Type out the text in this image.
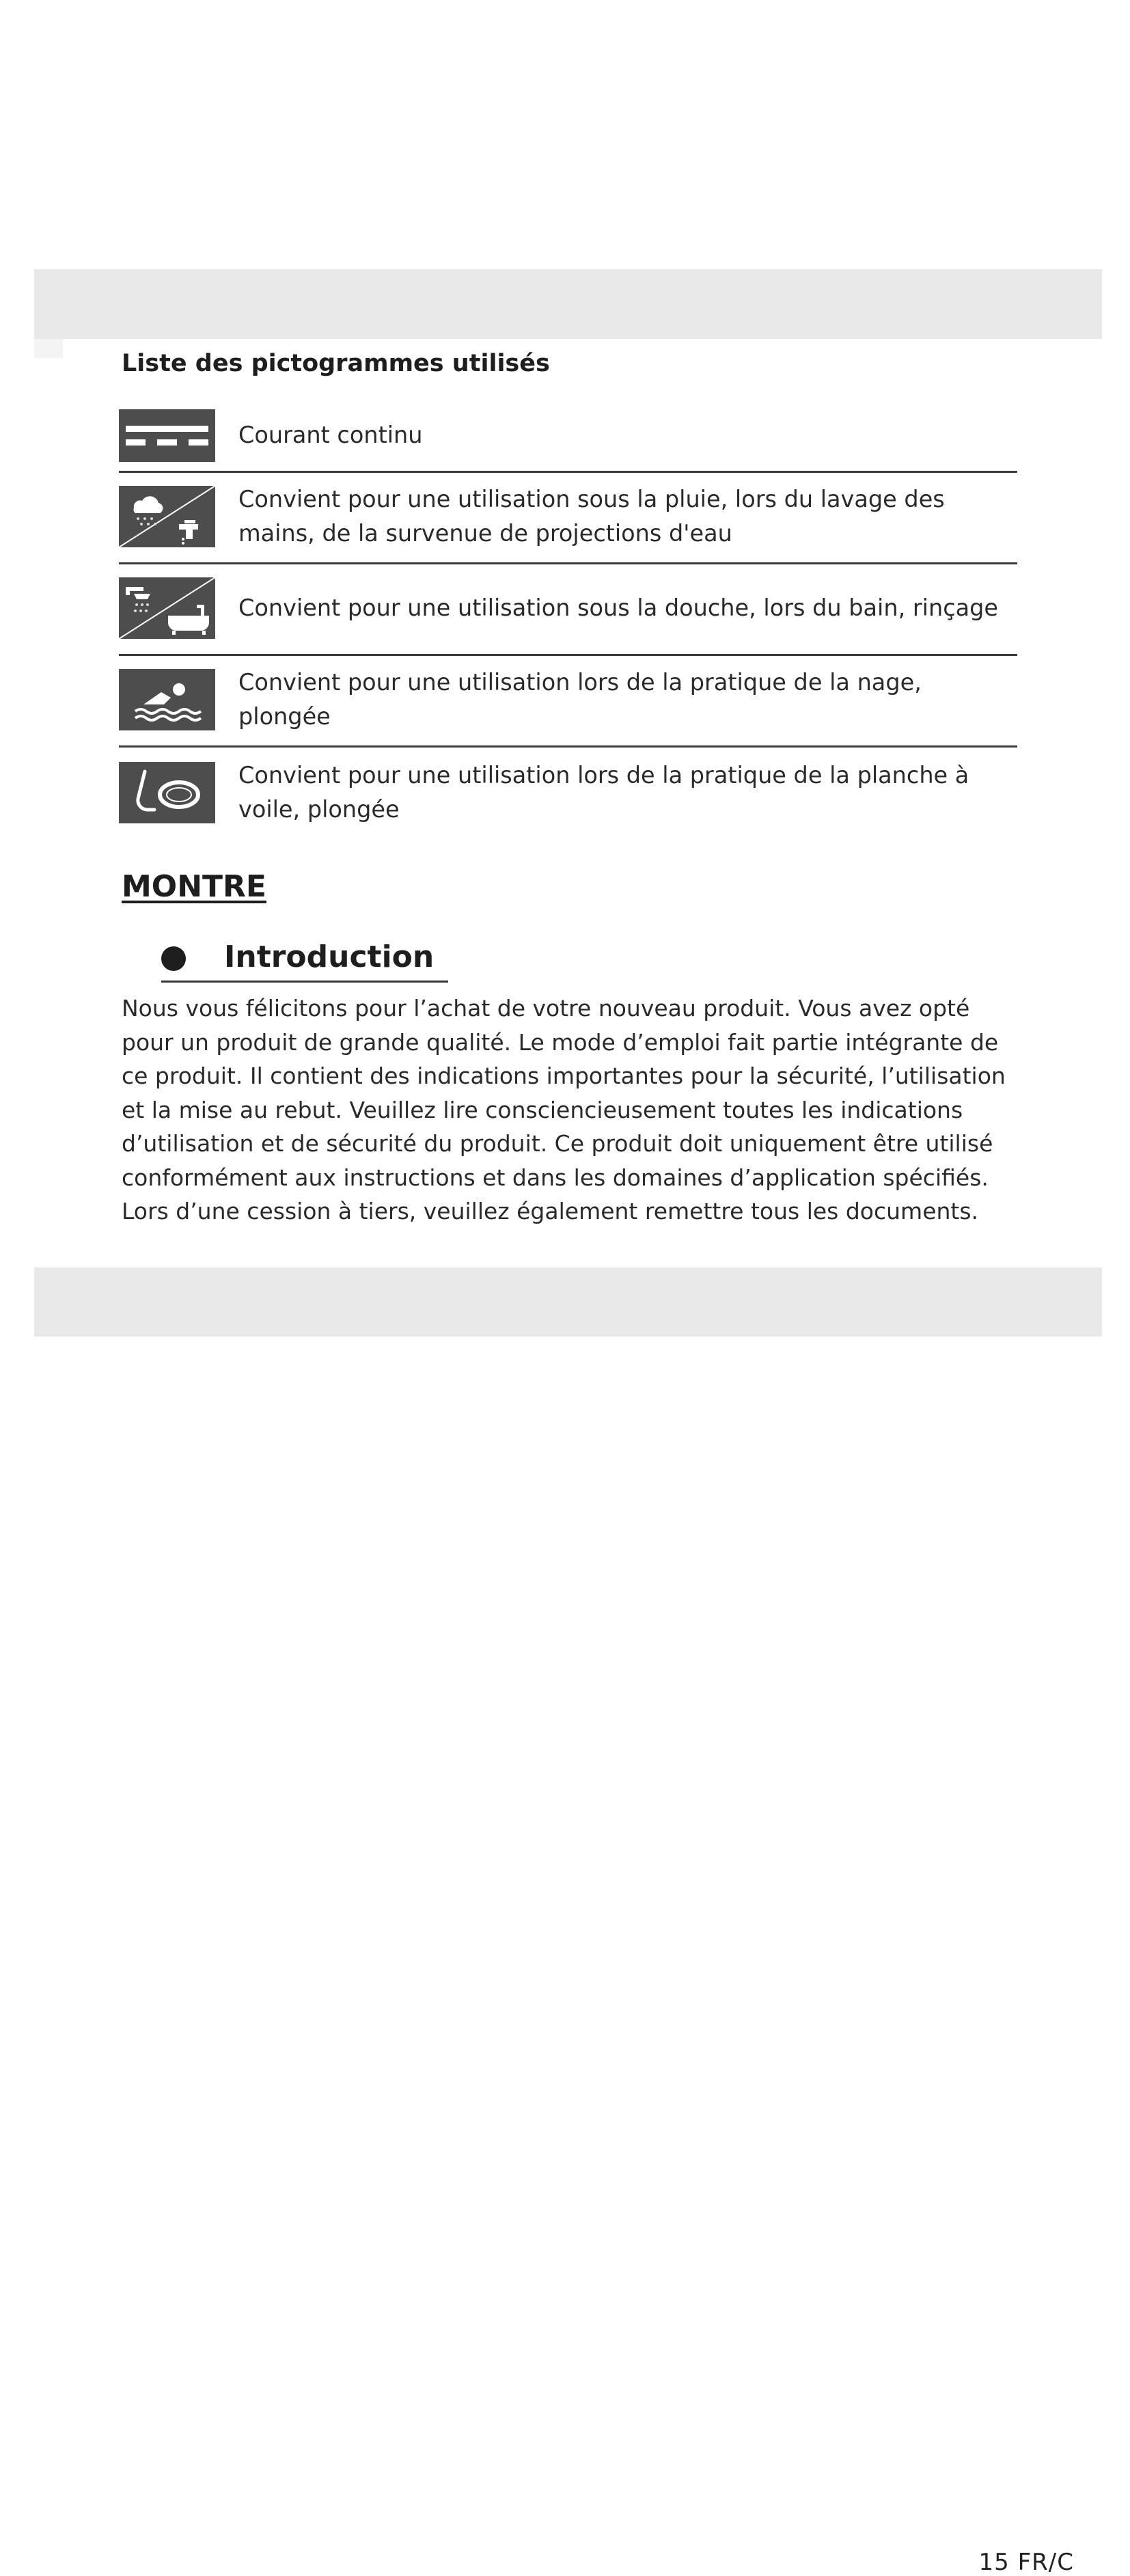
Liste des pictogrammes utilisés
Courant continu
Convient pour une utilisation sous la pluie, lors du lavage des mains, de la survenue de projections d'eau
Convient pour une utilisation sous la douche, lors du bain, rinçage
Convient pour une utilisation lors de la pratique de la nage, plongée
Convient pour une utilisation lors de la pratique de la planche à voile, plongée
MONTRE
Introduction

Nous vous félicitons pour l’achat de votre nouveau produit. Vous avez opté pour un produit de grande qualité. Le mode d’emploi fait partie intégrante de ce produit. Il contient des indications importantes pour la sécurité, l’utilisation et la mise au rebut. Veuillez lire consciencieusement toutes les indications d’utilisation et de sécurité du produit. Ce produit doit uniquement être utilisé conformément aux instructions et dans les domaines d’application spécifiés. Lors d’une cession à tiers, veuillez également remettre tous les documents.

15 FR/C
